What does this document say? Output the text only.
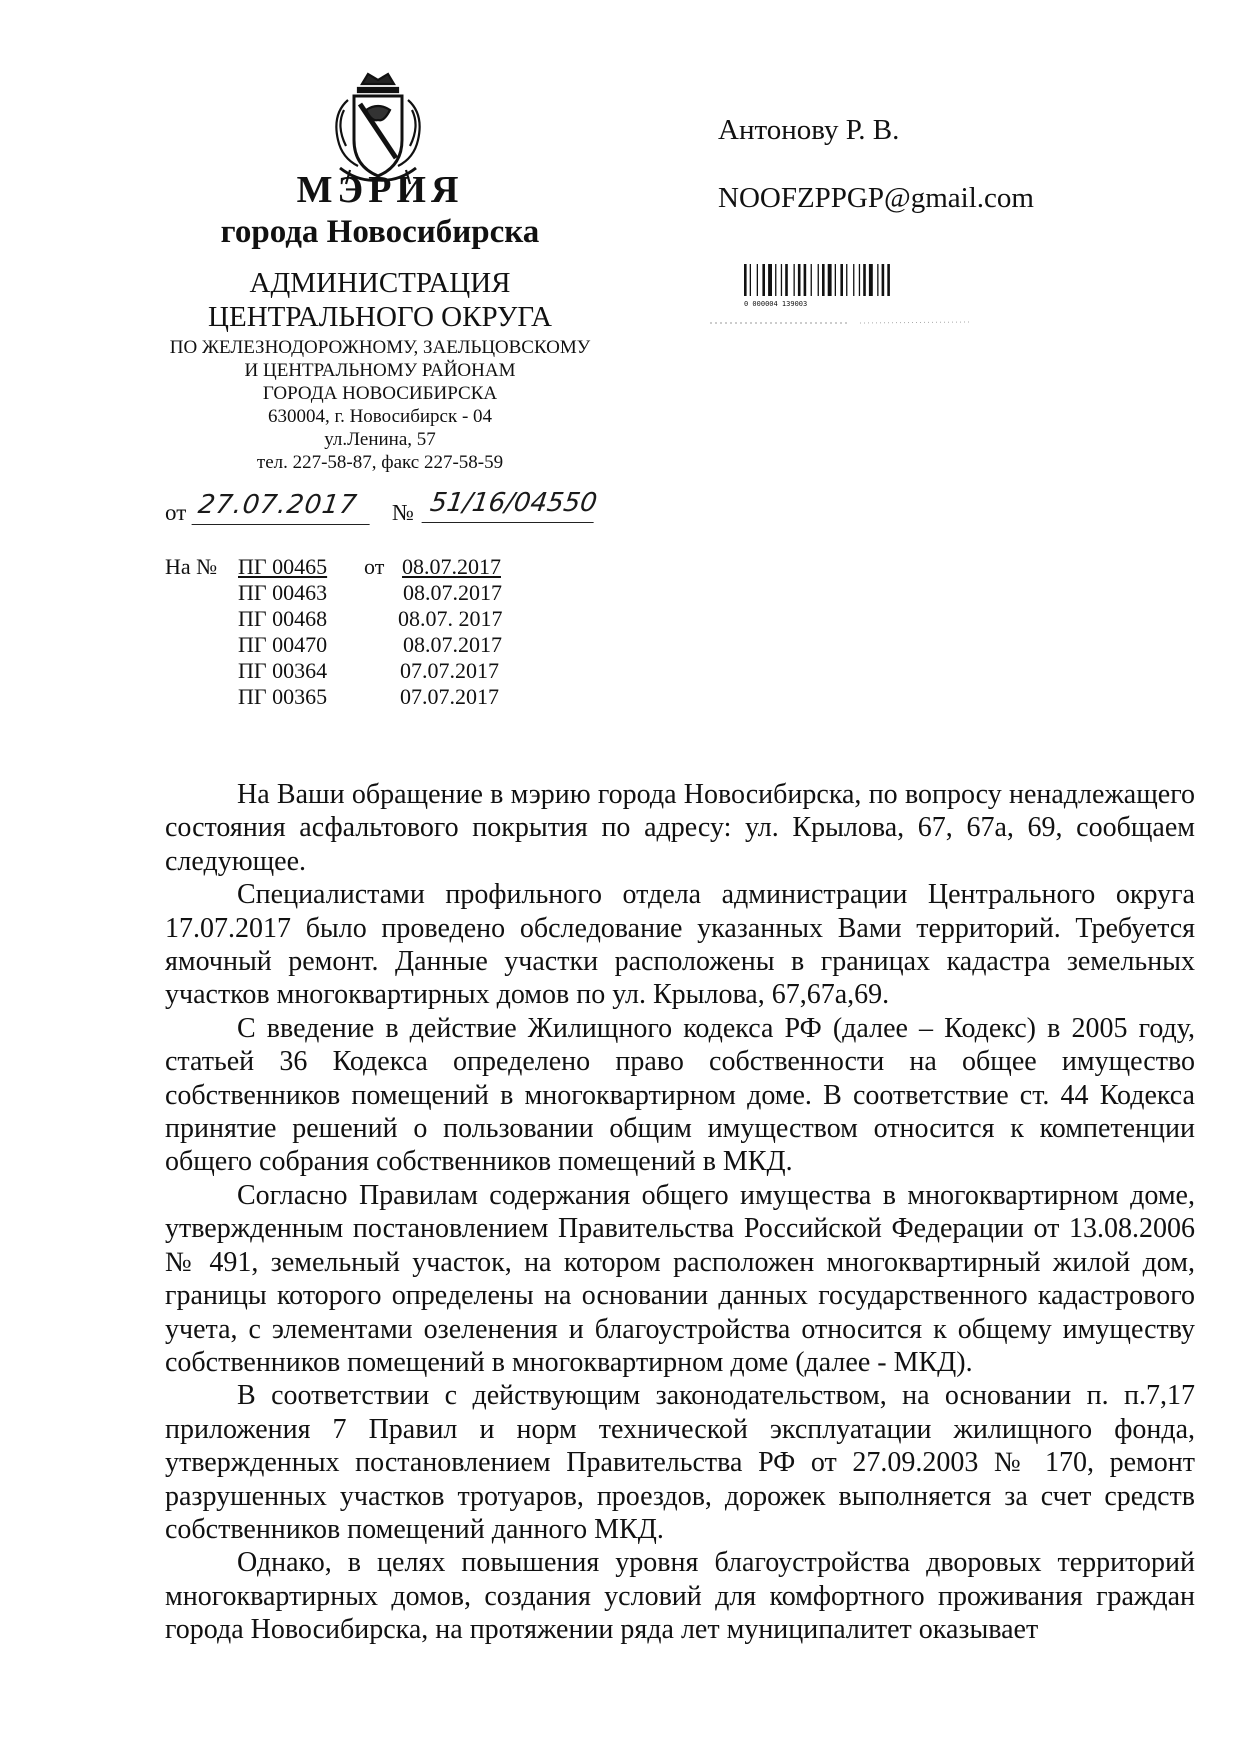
МЭРИЯ
города Новосибирска
АДМИНИСТРАЦИЯ
ЦЕНТРАЛЬНОГО ОКРУГА
ПО ЖЕЛЕЗНОДОРОЖНОМУ, ЗАЕЛЬЦОВСКОМУ
И ЦЕНТРАЛЬНОМУ РАЙОНАМ
ГОРОДА НОВОСИБИРСКА
630004, г. Новосибирск - 04
ул.Ленина, 57
тел. 227-58-87, факс 227-58-59
Антонову Р. В.
NOOFZPPGP@gmail.com
0 000004 139003
от 27.07.2017	№ 51/16/04550
На № ПГ 00465 от 08.07.2017
ПГ 00463	08.07.2017
ПГ 00468	08.07. 2017
ПГ 00470	08.07.2017
ПГ 00364	07.07.2017
ПГ 00365	07.07.2017

На Ваши обращение в мэрию города Новосибирска, по вопросу ненадлежащего состояния асфальтового покрытия по адресу: ул. Крылова, 67, 67а, 69, сообщаем следующее.

Специалистами профильного отдела администрации Центрального округа 17.07.2017 было проведено обследование указанных Вами территорий. Требуется ямочный ремонт. Данные участки расположены в границах кадастра земельных участков многоквартирных домов по ул. Крылова, 67,67а,69.

С введение в действие Жилищного кодекса РФ (далее – Кодекс) в 2005 году, статьей 36 Кодекса определено право собственности на общее имущество собственников помещений в многоквартирном доме. В соответствие ст. 44 Кодекса принятие решений о пользовании общим имуществом относится к компетенции общего собрания собственников помещений в МКД.

Согласно Правилам содержания общего имущества в многоквартирном доме, утвержденным постановлением Правительства Российской Федерации от 13.08.2006 № 491, земельный участок, на котором расположен многоквартирный жилой дом, границы которого определены на основании данных государственного кадастрового учета, с элементами озеленения и благоустройства относится к общему имуществу собственников помещений в многоквартирном доме (далее - МКД).

В соответствии с действующим законодательством, на основании п. п.7,17 приложения 7 Правил и норм технической эксплуатации жилищного фонда, утвержденных постановлением Правительства РФ от 27.09.2003 № 170, ремонт разрушенных участков тротуаров, проездов, дорожек выполняется за счет средств собственников помещений данного МКД.

Однако, в целях повышения уровня благоустройства дворовых территорий многоквартирных домов, создания условий для комфортного проживания граждан города Новосибирска, на протяжении ряда лет муниципалитет оказывает
